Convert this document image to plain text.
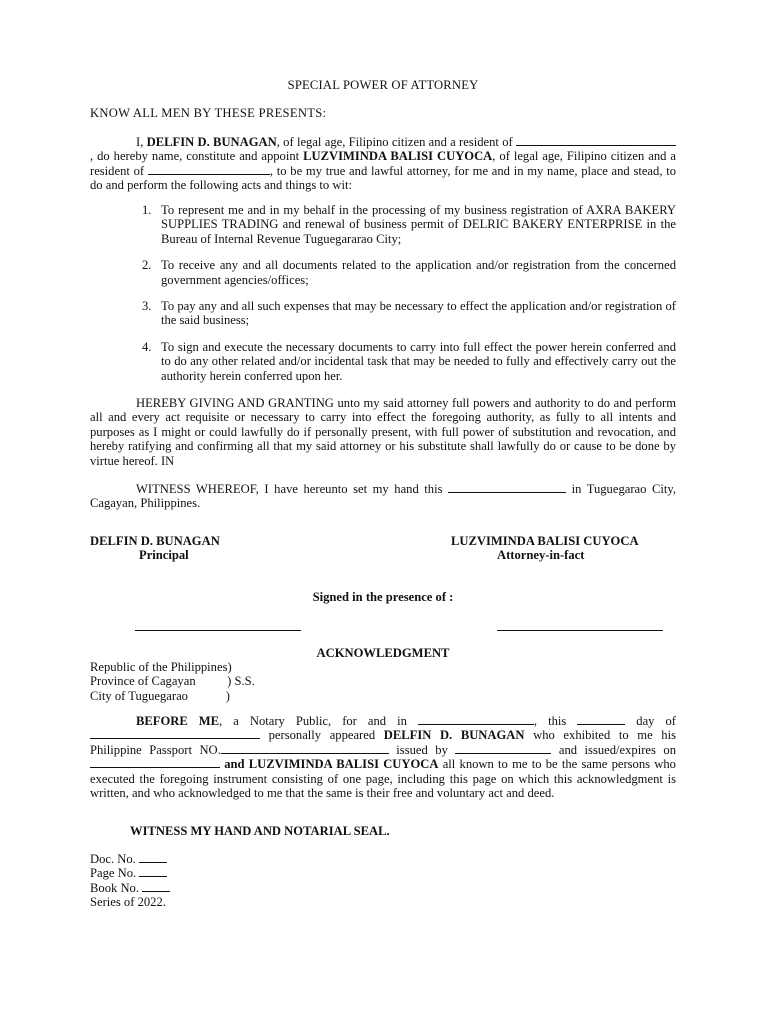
SPECIAL POWER OF ATTORNEY
KNOW ALL MEN BY THESE PRESENTS:
I, DELFIN D. BUNAGAN, of legal age, Filipino citizen and a resident of , do hereby name, constitute and appoint LUZVIMINDA BALISI CUYOCA, of legal age, Filipino citizen and a resident of	, to be my true and lawful attorney, for me and in my name, place and stead, to do and perform the following acts and things to wit:
1. To represent me and in my behalf in the processing of my business registration of AXRA BAKERY SUPPLIES TRADING and renewal of business permit of DELRIC BAKERY ENTERPRISE in the Bureau of Internal Revenue Tuguegararao City;
2. To receive any and all documents related to the application and/or registration from the concerned government agencies/offices;
3. To pay any and all such expenses that may be necessary to effect the application and/or registration of the said business;
4. To sign and execute the necessary documents to carry into full effect the power herein conferred and to do any other related and/or incidental task that may be needed to fully and effectively carry out the authority herein conferred upon her.
HEREBY GIVING AND GRANTING unto my said attorney full powers and authority to do and perform all and every act requisite or necessary to carry into effect the foregoing authority, as fully to all intents and purposes as I might or could lawfully do if personally present, with full power of substitution and revocation, and hereby ratifying and confirming all that my said attorney or his substitute shall lawfully do or cause to be done by virtue hereof. IN
WITNESS WHEREOF, I have hereunto set my hand this	in Tuguegarao City, Cagayan, Philippines.
DELFIN D. BUNAGAN
Principal
LUZVIMINDA BALISI CUYOCA
Attorney-in-fact
Signed in the presence of :
ACKNOWLEDGMENT
Republic of the Philippines)
Province of Cagayan          ) S.S.
City of Tuguegarao            )
BEFORE ME, a Notary Public, for and in	, this	day of  personally appeared DELFIN D. BUNAGAN who exhibited to me his Philippine Passport NO.	issued by	and issued/expires on  and LUZVIMINDA BALISI CUYOCA all known to me to be the same persons who executed the foregoing instrument consisting of one page, including this page on which this acknowledgment is written, and who acknowledged to me that the same is their free and voluntary act and deed.
WITNESS MY HAND AND NOTARIAL SEAL.
Doc. No.
Page No.
Book No.
Series of 2022.
